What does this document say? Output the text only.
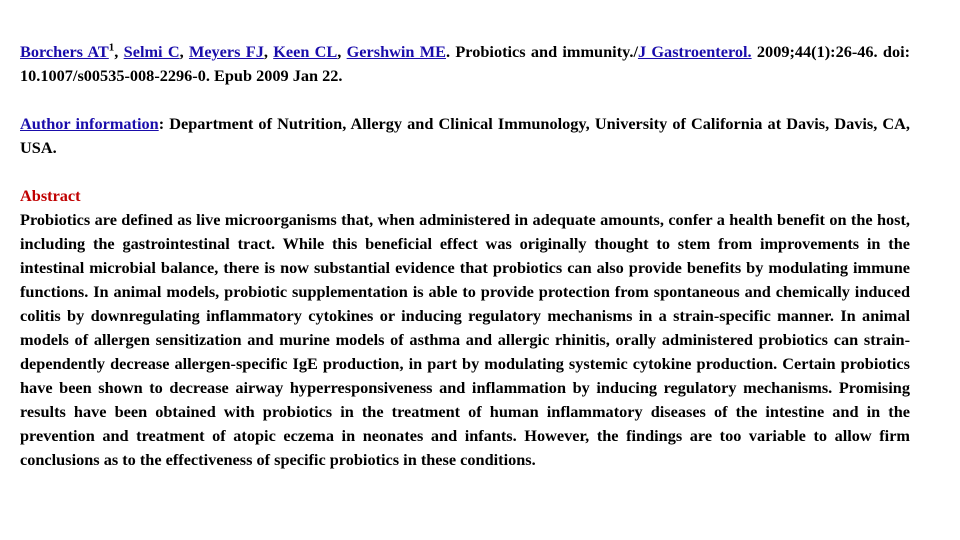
Borchers $AT^1$, Selmi C, Meyers FJ, Keen CL, Gershwin ME. Probiotics and immunity./J Gastroenterol. 2009;44(1):26-46. doi: 10.1007/s00535-008-2296-0. Epub 2009 Jan 22.

Author information: Department of Nutrition, Allergy and Clinical Immunology, University of California at Davis, Davis, CA, USA.

Abstract

Probiotics are defined as live microorganisms that, when administered in adequate amounts, confer a health benefit on the host, including the gastrointestinal tract. While this beneficial effect was originally thought to stem from improvements in the intestinal microbial balance, there is now substantial evidence that probiotics can also provide benefits by modulating immune functions. In animal models, probiotic supplementation is able to provide protection from spontaneous and chemically induced colitis by downregulating inflammatory cytokines or inducing regulatory mechanisms in a strain-specific manner. In animal models of allergen sensitization and murine models of asthma and allergic rhinitis, orally administered probiotics can strain-dependently decrease allergen-specific IgE production, in part by modulating systemic cytokine production. Certain probiotics have been shown to decrease airway hyperresponsiveness and inflammation by inducing regulatory mechanisms. Promising results have been obtained with probiotics in the treatment of human inflammatory diseases of the intestine and in the prevention and treatment of atopic eczema in neonates and infants. However, the findings are too variable to allow firm conclusions as to the effectiveness of specific probiotics in these conditions.
